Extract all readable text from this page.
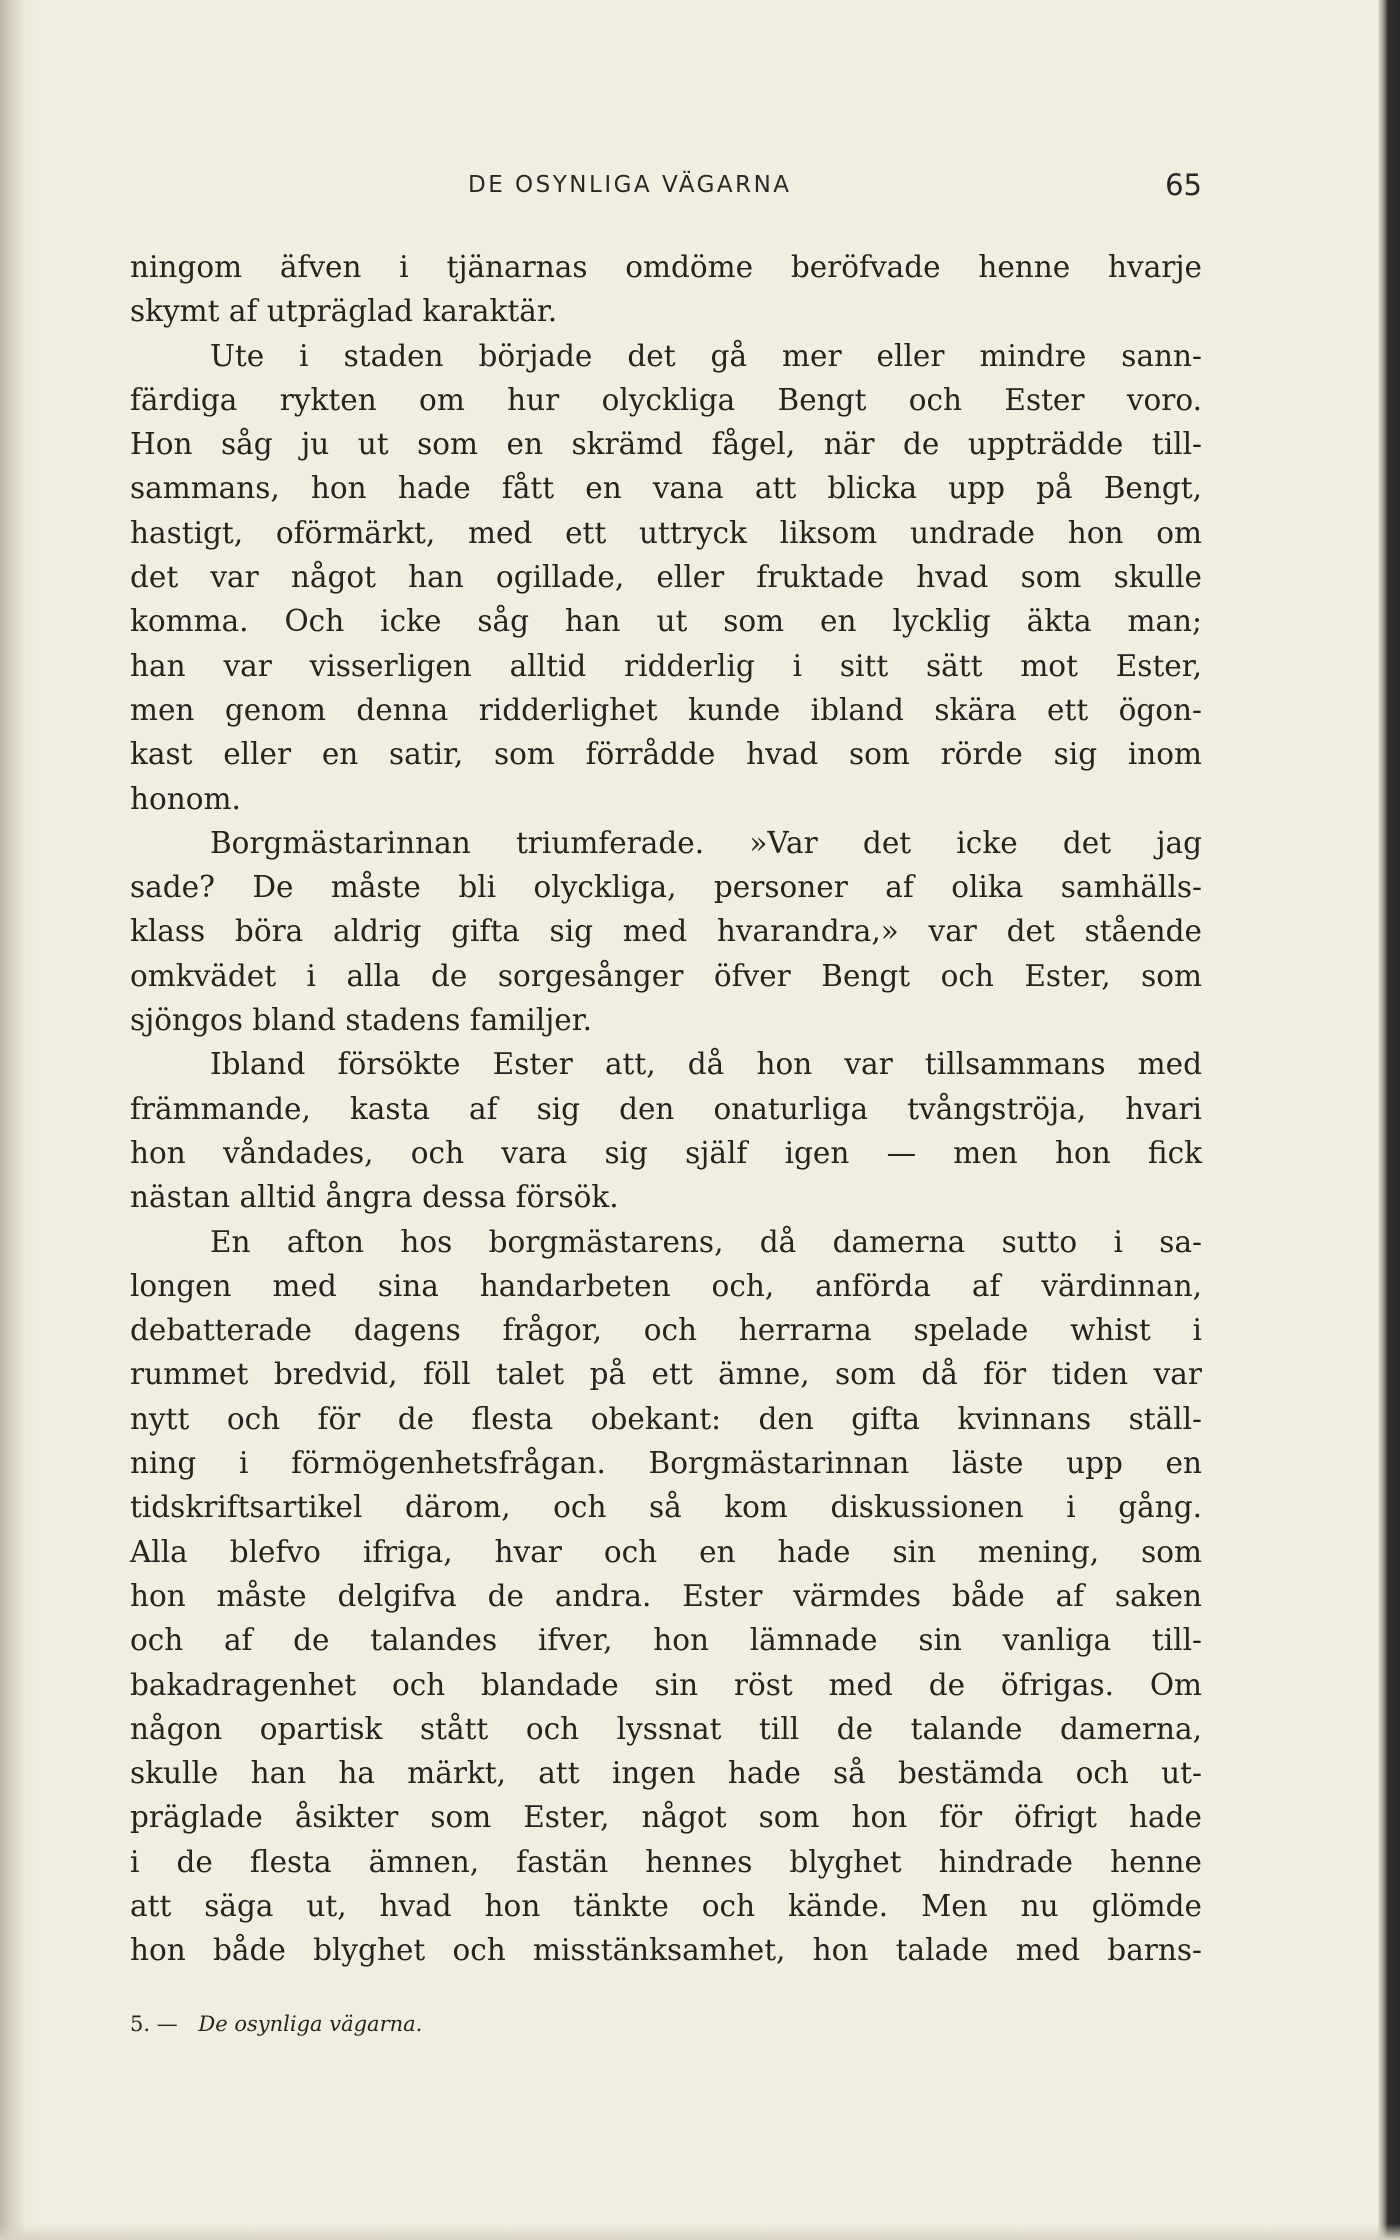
DE OSYNLIGA VÄGARNA	65
ningom äfven i tjänarnas omdöme beröfvade henne hvarje
skymt af utpräglad karaktär.
Ute i staden började det gå mer eller mindre sann-
färdiga rykten om hur olyckliga Bengt och Ester voro.
Hon såg ju ut som en skrämd fågel, när de uppträdde till-
sammans, hon hade fått en vana att blicka upp på Bengt,
hastigt, oförmärkt, med ett uttryck liksom undrade hon om
det var något han ogillade, eller fruktade hvad som skulle
komma. Och icke såg han ut som en lycklig äkta man;
han var visserligen alltid ridderlig i sitt sätt mot Ester,
men genom denna ridderlighet kunde ibland skära ett ögon-
kast eller en satir, som förrådde hvad som rörde sig inom
honom.
Borgmästarinnan triumferade. »Var det icke det jag
sade? De måste bli olyckliga, personer af olika samhälls-
klass böra aldrig gifta sig med hvarandra,» var det stående
omkvädet i alla de sorgesånger öfver Bengt och Ester, som
sjöngos bland stadens familjer.
Ibland försökte Ester att, då hon var tillsammans med
främmande, kasta af sig den onaturliga tvångströja, hvari
hon våndades, och vara sig själf igen — men hon fick
nästan alltid ångra dessa försök.
En afton hos borgmästarens, då damerna sutto i sa-
longen med sina handarbeten och, anförda af värdinnan,
debatterade dagens frågor, och herrarna spelade whist i
rummet bredvid, föll talet på ett ämne, som då för tiden var
nytt och för de flesta obekant: den gifta kvinnans ställ-
ning i förmögenhetsfrågan. Borgmästarinnan läste upp en
tidskriftsartikel därom, och så kom diskussionen i gång.
Alla blefvo ifriga, hvar och en hade sin mening, som
hon måste delgifva de andra. Ester värmdes både af saken
och af de talandes ifver, hon lämnade sin vanliga till-
bakadragenhet och blandade sin röst med de öfrigas. Om
någon opartisk stått och lyssnat till de talande damerna,
skulle han ha märkt, att ingen hade så bestämda och ut-
präglade åsikter som Ester, något som hon för öfrigt hade
i de flesta ämnen, fastän hennes blyghet hindrade henne
att säga ut, hvad hon tänkte och kände. Men nu glömde
hon både blyghet och misstänksamhet, hon talade med barns-
5. — De osynliga vägarna.
